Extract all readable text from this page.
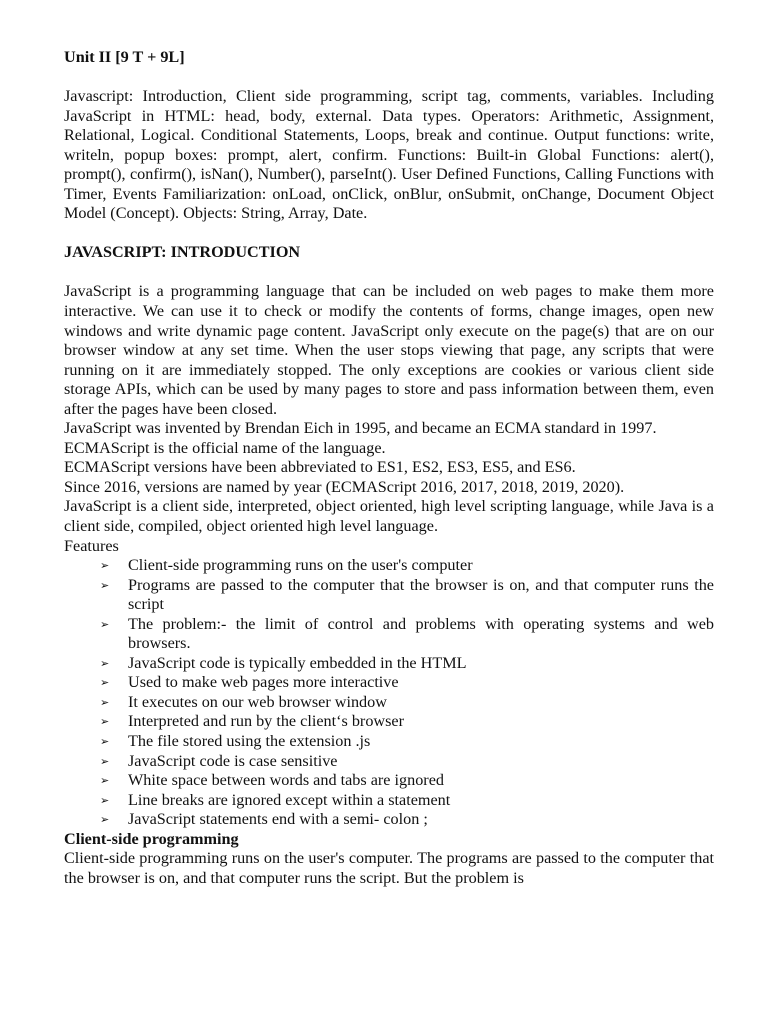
Unit II [9 T + 9L]

Javascript: Introduction, Client side programming, script tag, comments, variables. Including JavaScript in HTML: head, body, external. Data types. Operators: Arithmetic, Assignment, Relational, Logical. Conditional Statements, Loops, break and continue. Output functions: write, writeln, popup boxes: prompt, alert, confirm. Functions: Built-in Global Functions: alert(), prompt(), confirm(), isNan(), Number(), parseInt(). User Defined Functions, Calling Functions with Timer, Events Familiarization: onLoad, onClick, onBlur, onSubmit, onChange, Document Object Model (Concept). Objects: String, Array, Date.

JAVASCRIPT: INTRODUCTION

JavaScript is a programming language that can be included on web pages to make them more interactive. We can use it to check or modify the contents of forms, change images, open new windows and write dynamic page content. JavaScript only execute on the page(s) that are on our browser window at any set time. When the user stops viewing that page, any scripts that were running on it are immediately stopped. The only exceptions are cookies or various client side storage APIs, which can be used by many pages to store and pass information between them, even after the pages have been closed.

JavaScript was invented by Brendan Eich in 1995, and became an ECMA standard in 1997.

ECMAScript is the official name of the language.

ECMAScript versions have been abbreviated to ES1, ES2, ES3, ES5, and ES6.

Since 2016, versions are named by year (ECMAScript 2016, 2017, 2018, 2019, 2020).

JavaScript is a client side, interpreted, object oriented, high level scripting language, while Java is a client side, compiled, object oriented high level language.

Features

➢ Client-side programming runs on the user's computer
➢ Programs are passed to the computer that the browser is on, and that computer runs the script
➢ The problem:- the limit of control and problems with operating systems and web browsers.
➢ JavaScript code is typically embedded in the HTML
➢ Used to make web pages more interactive
➢ It executes on our web browser window
➢ Interpreted and run by the client‘s browser
➢ The file stored using the extension .js
➢ JavaScript code is case sensitive
➢ White space between words and tabs are ignored
➢ Line breaks are ignored except within a statement
➢ JavaScript statements end with a semi- colon ;

Client-side programming

Client-side programming runs on the user's computer. The programs are passed to the computer that the browser is on, and that computer runs the script. But the problem is
